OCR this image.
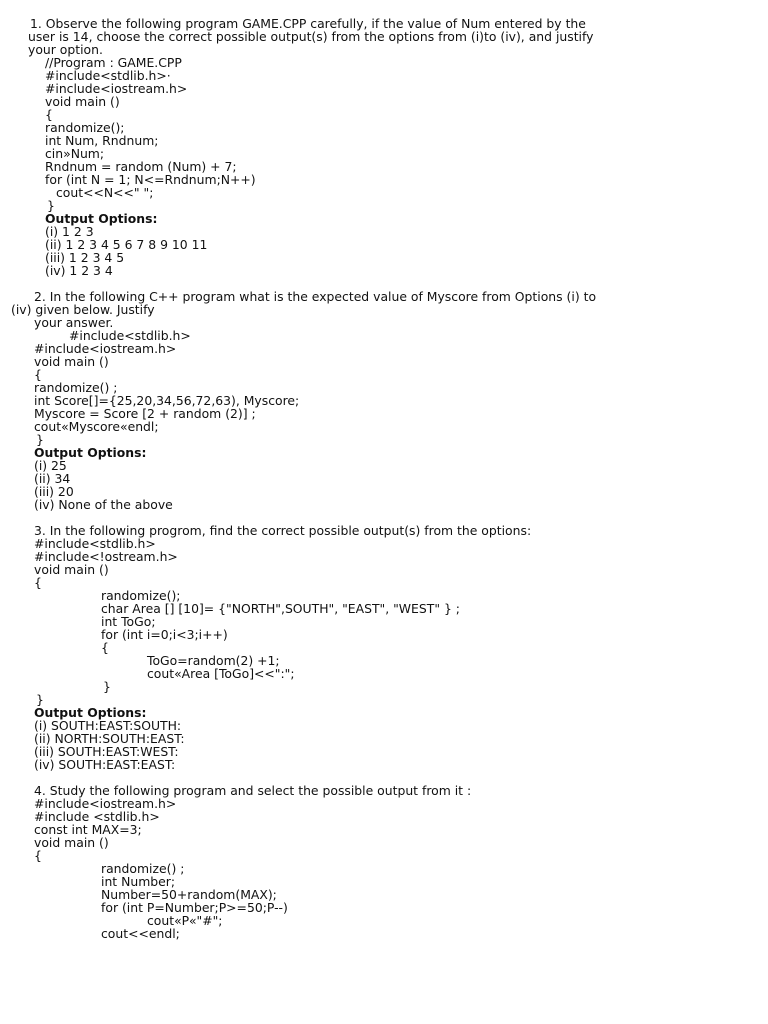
1. Observe the following program GAME.CPP carefully, if the value of Num entered by the

user is 14, choose the correct possible output(s) from the options from (i)to (iv), and justify

your option.

//Program : GAME.CPP

#include<stdlib.h>·

#include<iostream.h>

void main ()

{

randomize();

int Num, Rndnum;

cin»Num;

Rndnum = random (Num) + 7;

for (int N = 1; N<=Rndnum;N++)

cout<<N<<" ";

}

Output Options:

(i) 1 2 3

(ii) 1 2 3 4 5 6 7 8 9 10 11

(iii) 1 2 3 4 5

(iv) 1 2 3 4

2. In the following C++ program what is the expected value of Myscore from Options (i) to

(iv) given below. Justify

your answer.

#include<stdlib.h>

#include<iostream.h>

void main ()

{

randomize() ;

int Score[]={25,20,34,56,72,63), Myscore;

Myscore = Score [2 + random (2)] ;

cout«Myscore«endl;

}

Output Options:

(i) 25

(ii) 34

(iii) 20

(iv) None of the above

3. In the following progrom, find the correct possible output(s) from the options:

#include<stdlib.h>

#include<!ostream.h>

void main ()

{

randomize();

char Area [] [10]= {"NORTH",SOUTH", "EAST", "WEST" } ;

int ToGo;

for (int i=0;i<3;i++)

{

ToGo=random(2) +1;

cout«Area [ToGo]<<":";

}

}

Output Options:

(i) SOUTH:EAST:SOUTH:

(ii) NORTH:SOUTH:EAST:

(iii) SOUTH:EAST:WEST:

(iv) SOUTH:EAST:EAST:

4. Study the following program and select the possible output from it :

#include<iostream.h>

#include <stdlib.h>

const int MAX=3;

void main ()

{

randomize() ;

int Number;

Number=50+random(MAX);

for (int P=Number;P>=50;P--)

cout«P«"#";

cout<<endl;
